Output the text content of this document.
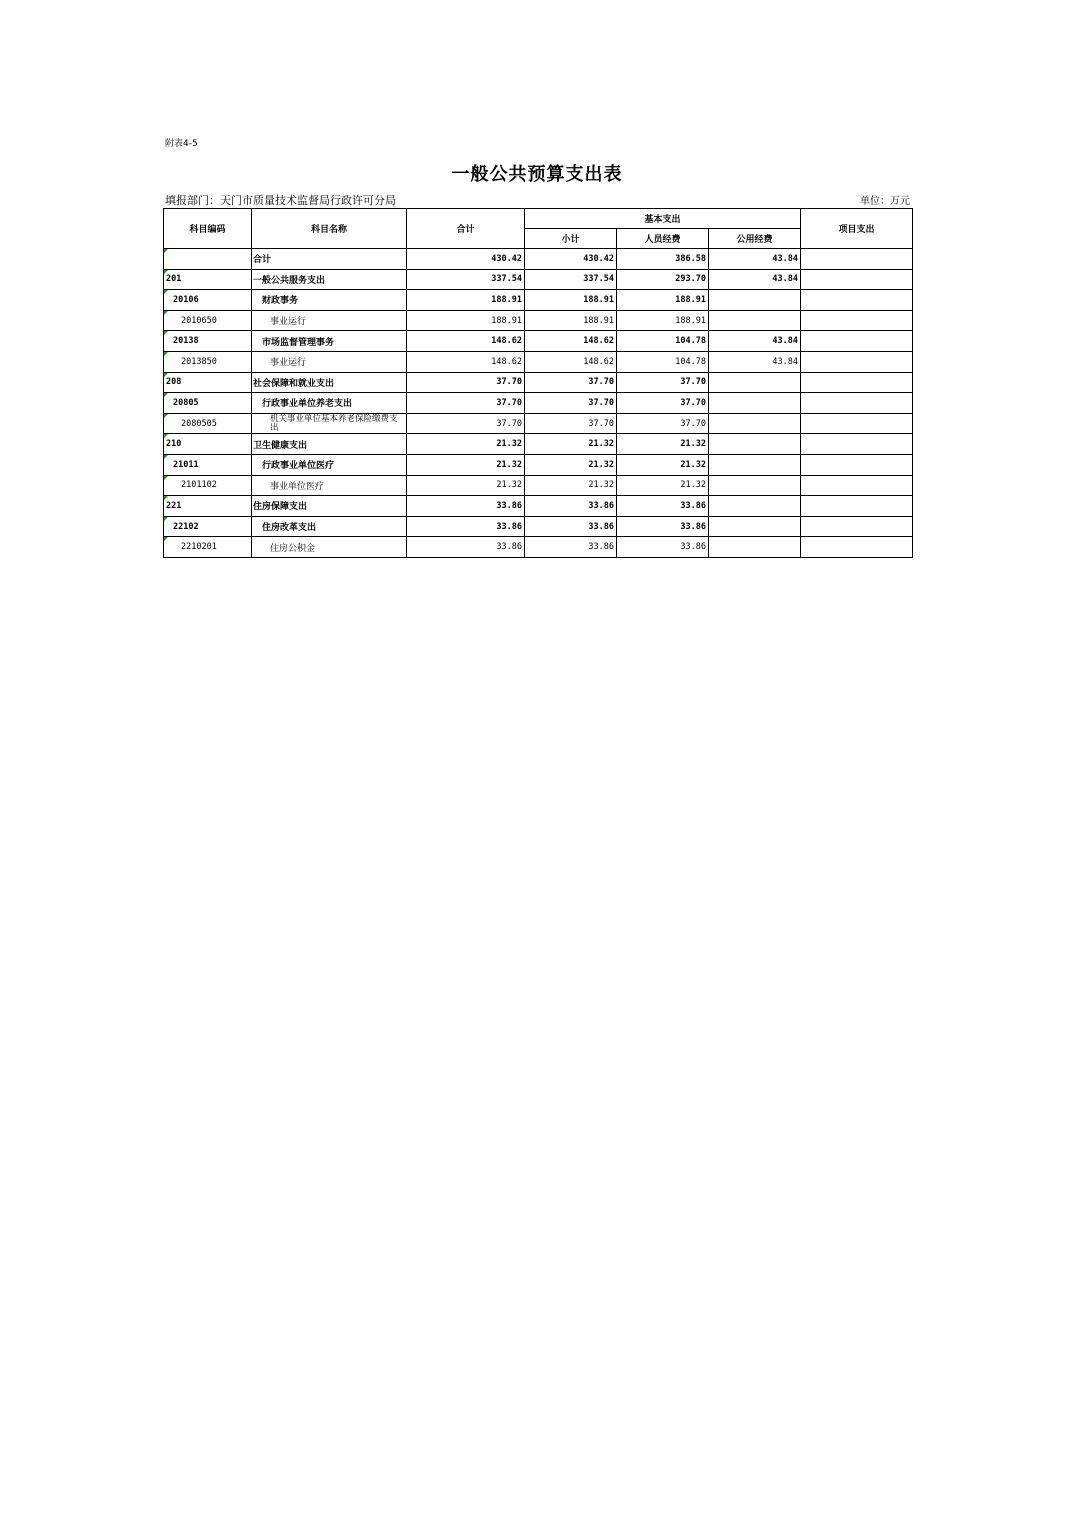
附表4-5
一般公共预算支出表
填报部门：天门市质量技术监督局行政许可分局	单位：万元
科目编码	科目名称	合计	基本支出			项目支出
			小计	人员经费	公用经费	

	合计	430.42	430.42	386.58	43.84	

201	一般公共服务支出	337.54	337.54	293.70	43.84	

20106	财政事务	188.91	188.91	188.91		

2010650	事业运行	188.91	188.91	188.91		

20138	市场监督管理事务	148.62	148.62	104.78	43.84	

2013850	事业运行	148.62	148.62	104.78	43.84	

208	社会保障和就业支出	37.70	37.70	37.70		

20805	行政事业单位养老支出	37.70	37.70	37.70		

2080505	机关事业单位基本养老保险缴费支出	37.70	37.70	37.70		

210	卫生健康支出	21.32	21.32	21.32		

21011	行政事业单位医疗	21.32	21.32	21.32		

2101102	事业单位医疗	21.32	21.32	21.32		

221	住房保障支出	33.86	33.86	33.86		

22102	住房改革支出	33.86	33.86	33.86		

2210201	住房公积金	33.86	33.86	33.86		
